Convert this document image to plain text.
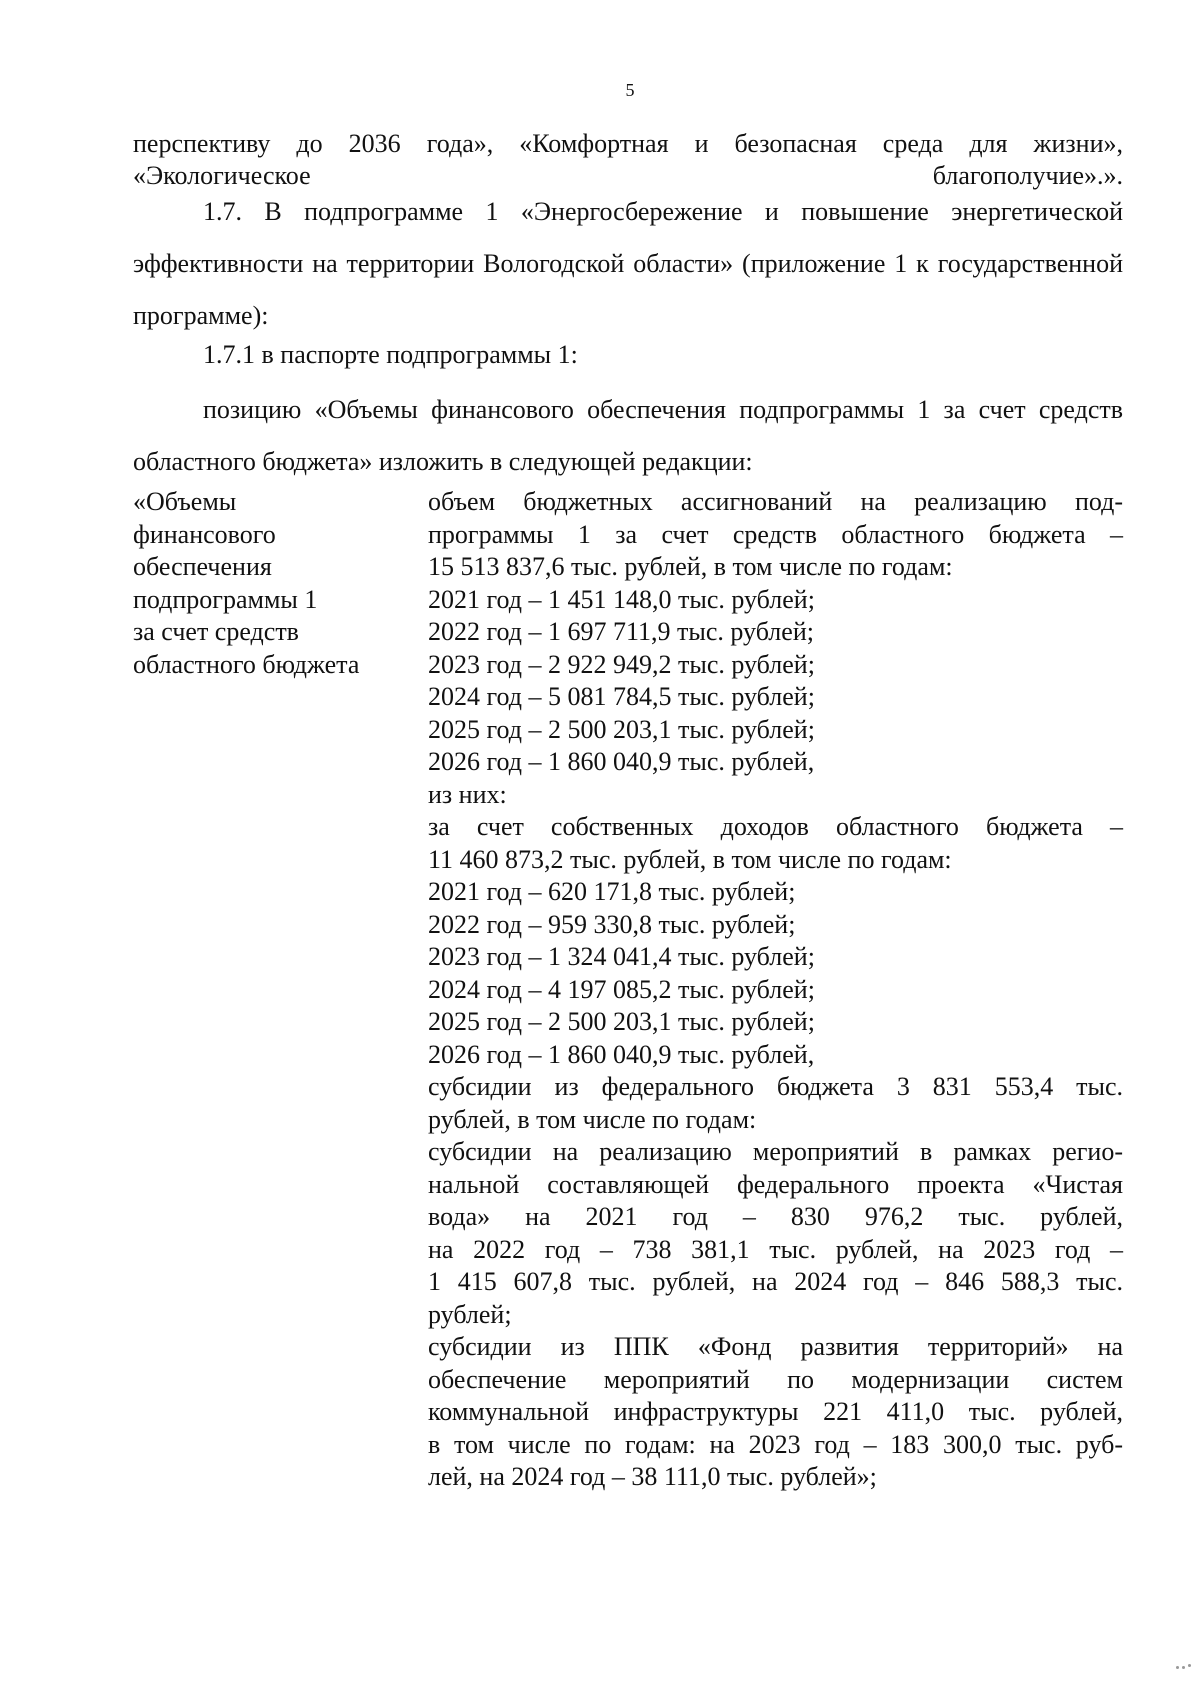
5

перспективу до 2036 года», «Комфортная и безопасная среда для жизни», «Экологическое благополучие».».

1.7. В подпрограмме 1 «Энергосбережение и повышение энергетической эффективности на территории Вологодской области» (приложение 1 к государственной программе):

1.7.1 в паспорте подпрограммы 1:

позицию «Объемы финансового обеспечения подпрограммы 1 за счет средств областного бюджета» изложить в следующей редакции:

«Объемы
финансового
обеспечения
подпрограммы 1
за счет средств
областного бюджета
объем бюджетных ассигнований на реализацию под-
программы 1 за счет средств областного бюджета –
15 513 837,6 тыс. рублей, в том числе по годам:
2021 год – 1 451 148,0 тыс. рублей;
2022 год – 1 697 711,9 тыс. рублей;
2023 год – 2 922 949,2 тыс. рублей;
2024 год – 5 081 784,5 тыс. рублей;
2025 год – 2 500 203,1 тыс. рублей;
2026 год – 1 860 040,9 тыс. рублей,
из них:
за счет собственных доходов областного бюджета –
11 460 873,2 тыс. рублей, в том числе по годам:
2021 год – 620 171,8 тыс. рублей;
2022 год – 959 330,8 тыс. рублей;
2023 год – 1 324 041,4 тыс. рублей;
2024 год – 4 197 085,2 тыс. рублей;
2025 год – 2 500 203,1 тыс. рублей;
2026 год – 1 860 040,9 тыс. рублей,
субсидии из федерального бюджета 3 831 553,4 тыс.
рублей, в том числе по годам:
субсидии на реализацию мероприятий в рамках регио-
нальной составляющей федерального проекта «Чистая
вода» на 2021 год – 830 976,2 тыс. рублей,
на 2022 год – 738 381,1 тыс. рублей, на 2023 год –
1 415 607,8 тыс. рублей, на 2024 год – 846 588,3 тыс.
рублей;
субсидии из ППК «Фонд развития территорий» на
обеспечение мероприятий по модернизации систем
коммунальной инфраструктуры 221 411,0 тыс. рублей,
в том числе по годам: на 2023 год – 183 300,0 тыс. руб-
лей, на 2024 год – 38 111,0 тыс. рублей»;
